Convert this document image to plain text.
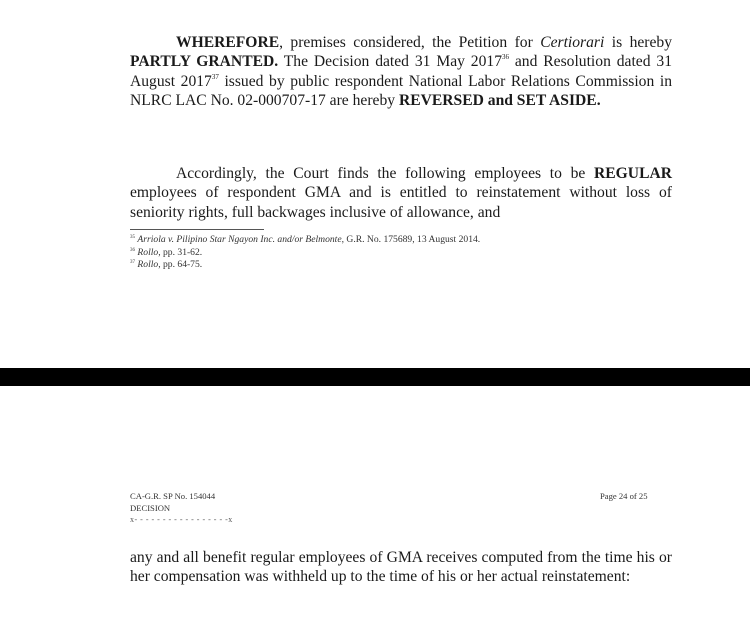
WHEREFORE, premises considered, the Petition for Certiorari is hereby PARTLY GRANTED. The Decision dated 31 May 2017$^{36}$ and Resolution dated 31 August 2017$^{37}$ issued by public respondent National Labor Relations Commission in NLRC LAC No. 02-000707-17 are hereby REVERSED and SET ASIDE.

Accordingly, the Court finds the following employees to be REGULAR employees of respondent GMA and is entitled to reinstatement without loss of seniority rights, full backwages inclusive of allowance, and

$^{35}$ Arriola v. Pilipino Star Ngayon Inc. and/or Belmonte, G.R. No. 175689, 13 August 2014.
$^{36}$ Rollo, pp. 31-62.
$^{37}$ Rollo, pp. 64-75.
CA-G.R. SP No. 154044
DECISION
x- - - - - - - - - - - - - - - - -x
Page 24 of 25

any and all benefit regular employees of GMA receives computed from the time his or her compensation was withheld up to the time of his or her actual reinstatement:
